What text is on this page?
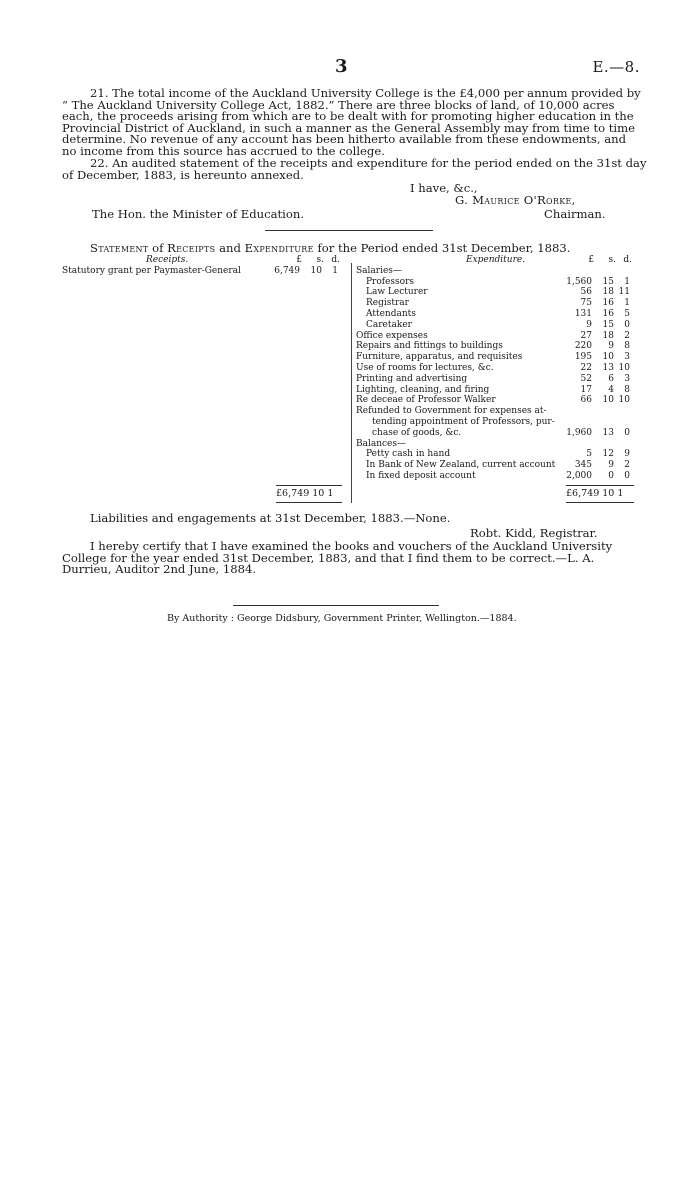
3	E.—8.
21. The total income of the Auckland University College is the £4,000 per annum provided by
“ The Auckland University College Act, 1882.” There are three blocks of land, of 10,000 acres
each, the proceeds arising from which are to be dealt with for promoting higher education in the
Provincial District of Auckland, in such a manner as the General Assembly may from time to time
determine. No revenue of any account has been hitherto available from these endowments, and
no income from this source has accrued to the college.
22. An audited statement of the receipts and expenditure for the period ended on the 31st day
of December, 1883, is hereunto annexed.
I have, &c.,
G. Maurice O'Rorke,
The Hon. the Minister of Education.	Chairman.
Statement of Receipts and Expenditure for the Period ended 31st December, 1883.
Receipts.	£	s. d.
Statutory grant per Paymaster-General	6,749	10	1
£6,749 10 1
Expenditure.	£	s. d.
Salaries—
Professors	1,560	15	1
Law Lecturer	56	18 11
Registrar	75	16	1
Attendants	131	16	5
Caretaker	9	15	0
Office expenses	27	18	2
Repairs and fittings to buildings	220	9	8
Furniture, apparatus, and requisites	195	10	3
Use of rooms for lectures, &c.	22	13 10
Printing and advertising	52	6	3
Lighting, cleaning, and firing	17	4	8
Re deceae of Professor Walker	66	10 10
Refunded to Government for expenses at-
tending appointment of Professors, pur-
chase of goods, &c.	1,960	13	0
Balances—
Petty cash in hand	5	12	9
In Bank of New Zealand, current account	345	9	2
In fixed deposit account	2,000	0	0
£6,749 10 1
Liabilities and engagements at 31st December, 1883.—None.
Robt. Kidd, Registrar.
I hereby certify that I have examined the books and vouchers of the Auckland University
College for the year ended 31st December, 1883, and that I find them to be correct.—L. A.
Durrieu, Auditor 2nd June, 1884.
By Authority : George Didsbury, Government Printer, Wellington.—1884.
